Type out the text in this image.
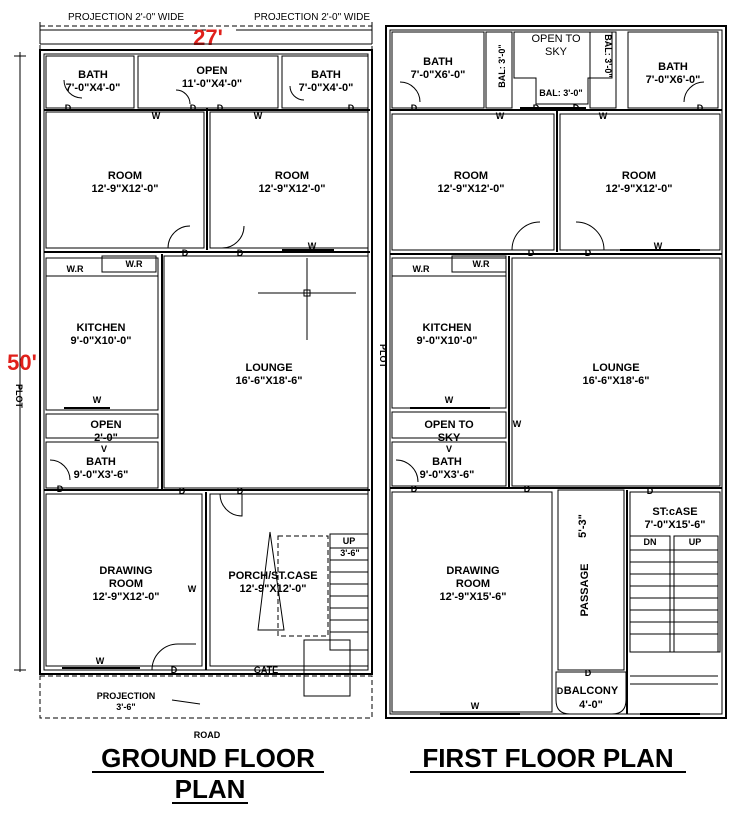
PROJECTION 2'-0" WIDE	PROJECTION 2'-0" WIDE
27'
50'
PLOT
BATH
7'-0"X4'-0"
OPEN
11'-0"X4'-0"
BATH
7'-0"X4'-0"
ROOM
12'-9"X12'-0"
ROOM
12'-9"X12'-0"
W.R	W.R
KITCHEN
9'-0"X10'-0"
LOUNGE
16'-6"X18'-6"
PLOT
OPEN
2'-0"
V
BATH
9'-0"X3'-6"
DRAWING
ROOM
12'-9"X12'-0"
PORCH/ST.CASE
12'-9"X12'-0"
UP
3'-6"
GATE
PROJECTION
3'-6"
ROAD
D	D D	D
D	D
D	D	D
D
W	W
W
W
W
W
BATH
7'-0"X6'-0"	BAL: 3'-0"
OPEN TO
SKY
BAL: 3'-0"
BAL: 3'-0"	BATH
7'-0"X6'-0"
ROOM
12'-9"X12'-0"
ROOM
12'-9"X12'-0"
W.R	W.R
KITCHEN
9'-0"X10'-0"
LOUNGE
16'-6"X18'-6"
OPEN TO
SKY
V
BATH
9'-0"X3'-6"
DRAWING
ROOM
12'-9"X15'-6"	PASSAGE
5'-3"
ST:cASE
7'-0"X15'-6"
DN	UP
BALCONY
4'-0"
D	D	D	D
D	D
D	D	D
D
D
W	W
W
W
W
W
GROUND FLOOR
PLAN
FIRST FLOOR PLAN
